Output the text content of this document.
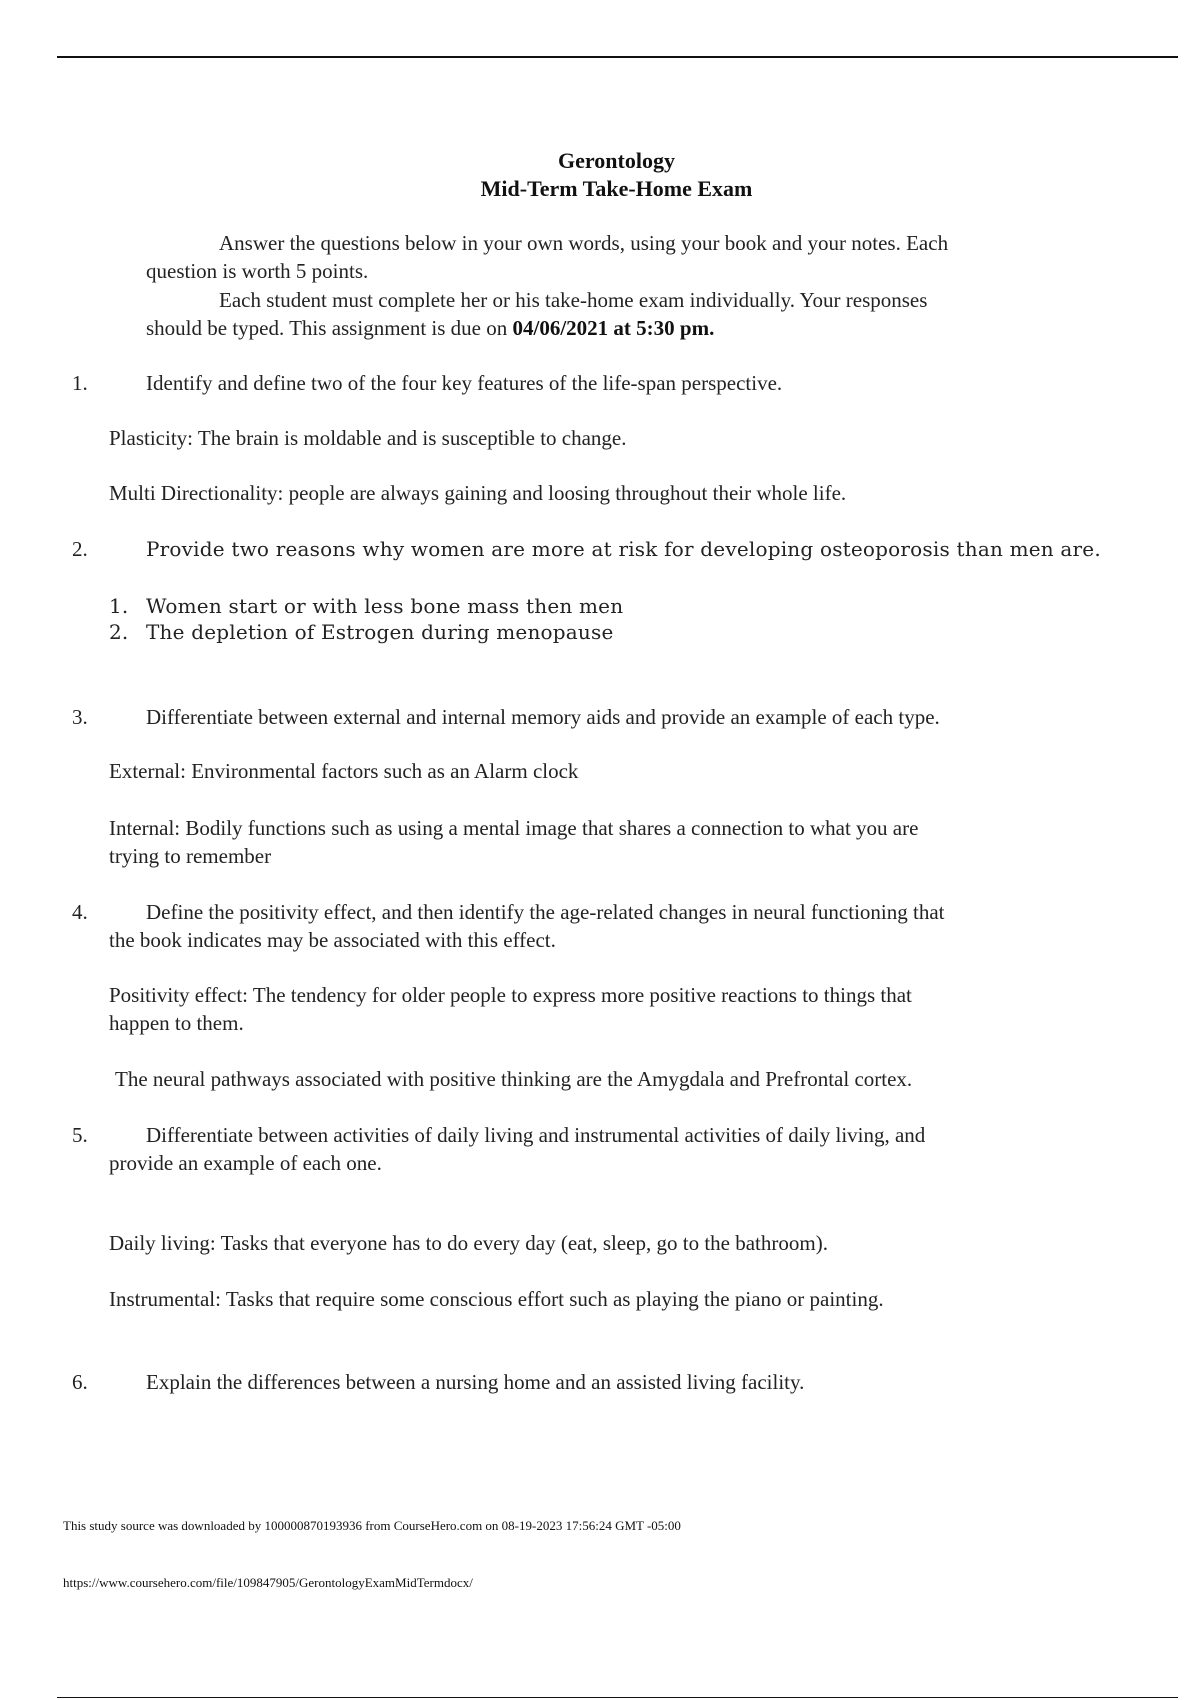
Gerontology
Mid-Term Take-Home Exam
Answer the questions below in your own words, using your book and your notes. Each
question is worth 5 points.
Each student must complete her or his take-home exam individually. Your responses
should be typed. This assignment is due on 04/06/2021 at 5:30 pm.
1.	Identify and define two of the four key features of the life-span perspective.
Plasticity: The brain is moldable and is susceptible to change.
Multi Directionality: people are always gaining and loosing throughout their whole life.
2.	Provide two reasons why women are more at risk for developing osteoporosis than men are.
1. Women start or with less bone mass then men
2. The depletion of Estrogen during menopause
3.	Differentiate between external and internal memory aids and provide an example of each type.
External: Environmental factors such as an Alarm clock
Internal: Bodily functions such as using a mental image that shares a connection to what you are
trying to remember
4.	Define the positivity effect, and then identify the age-related changes in neural functioning that
the book indicates may be associated with this effect.
Positivity effect: The tendency for older people to express more positive reactions to things that
happen to them.
The neural pathways associated with positive thinking are the Amygdala and Prefrontal cortex.
5.	Differentiate between activities of daily living and instrumental activities of daily living, and
provide an example of each one.
Daily living: Tasks that everyone has to do every day (eat, sleep, go to the bathroom).
Instrumental: Tasks that require some conscious effort such as playing the piano or painting.
6.	Explain the differences between a nursing home and an assisted living facility.
This study source was downloaded by 100000870193936 from CourseHero.com on 08-19-2023 17:56:24 GMT -05:00
https://www.coursehero.com/file/109847905/GerontologyExamMidTermdocx/
